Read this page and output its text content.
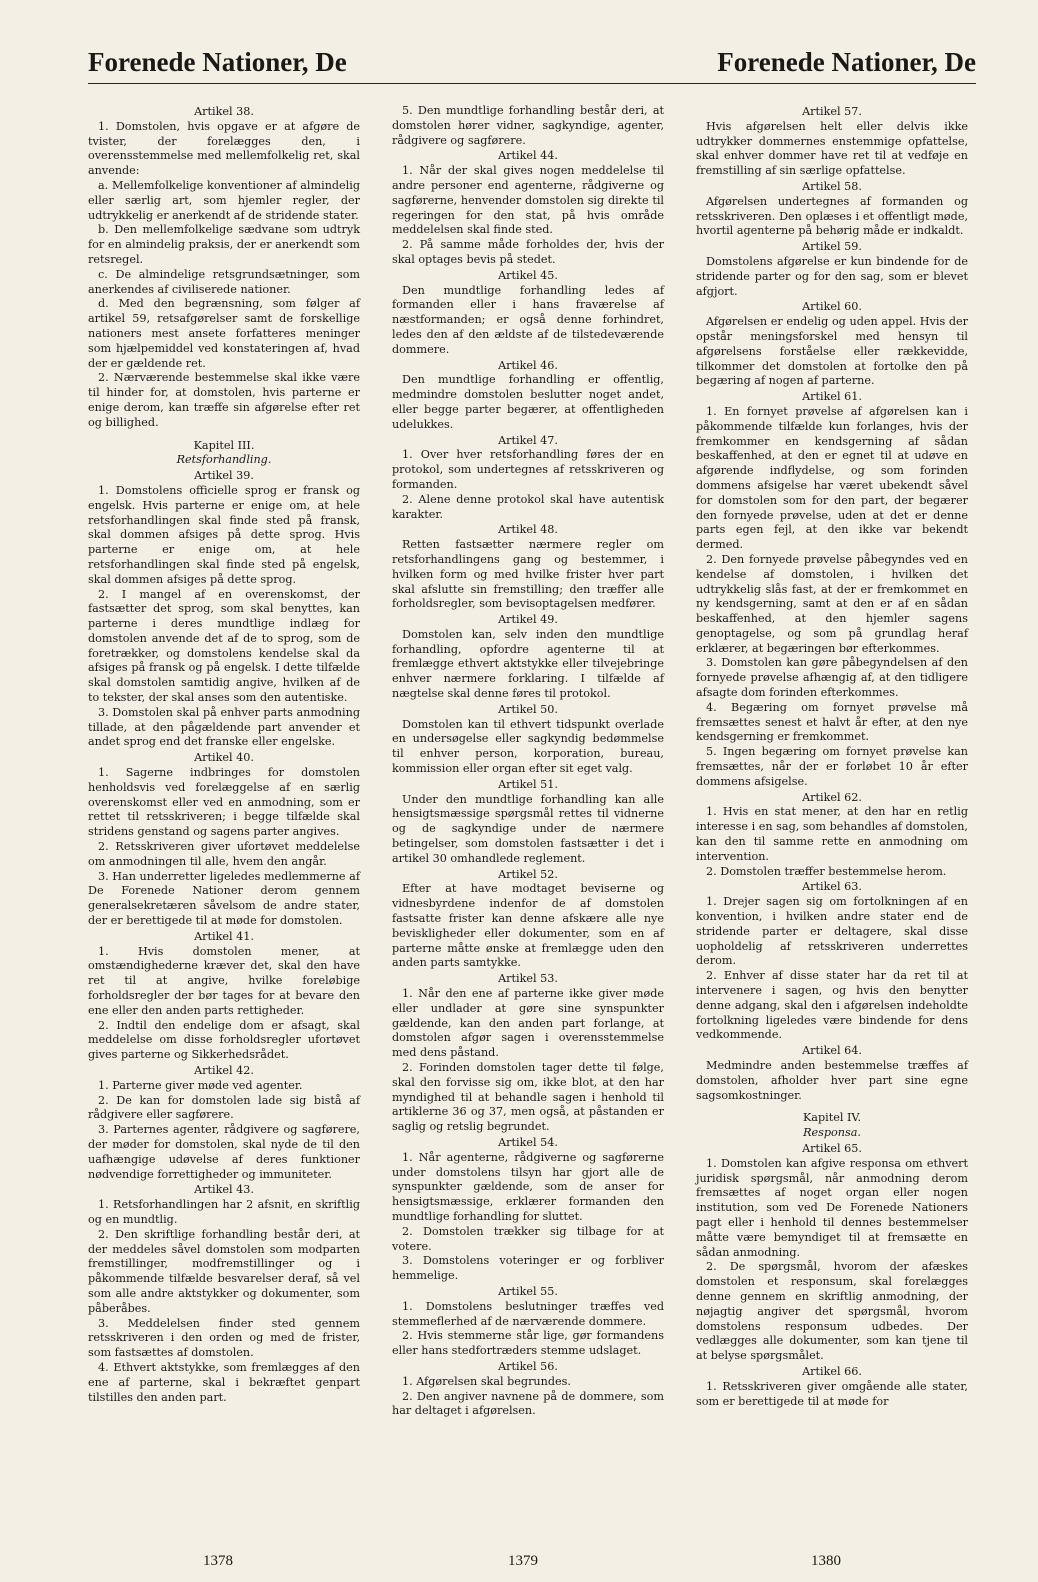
Forenede Nationer, De	Forenede Nationer, De

Artikel 38.

1. Domstolen, hvis opgave er at afgøre de tvister, der forelægges den, i overensstemmelse med mellemfolkelig ret, skal anvende:

a. Mellemfolkelige konventioner af almindelig eller særlig art, som hjemler regler, der udtrykkelig er anerkendt af de stridende stater.

b. Den mellemfolkelige sædvane som udtryk for en almindelig praksis, der er anerkendt som retsregel.

c. De almindelige retsgrundsætninger, som anerkendes af civiliserede nationer.

d. Med den begrænsning, som følger af artikel 59, retsafgørelser samt de forskellige nationers mest ansete forfatteres meninger som hjælpemiddel ved konstateringen af, hvad der er gældende ret.

2. Nærværende bestemmelse skal ikke være til hinder for, at domstolen, hvis parterne er enige derom, kan træffe sin afgørelse efter ret og billighed.

Kapitel III.

Retsforhandling.

Artikel 39.

1. Domstolens officielle sprog er fransk og engelsk. Hvis parterne er enige om, at hele retsforhandlingen skal finde sted på fransk, skal dommen afsiges på dette sprog. Hvis parterne er enige om, at hele retsforhandlingen skal finde sted på engelsk, skal dommen afsiges på dette sprog.

2. I mangel af en overenskomst, der fastsætter det sprog, som skal benyttes, kan parterne i deres mundtlige indlæg for domstolen anvende det af de to sprog, som de foretrækker, og domstolens kendelse skal da afsiges på fransk og på engelsk. I dette tilfælde skal domstolen samtidig angive, hvilken af de to tekster, der skal anses som den autentiske.

3. Domstolen skal på enhver parts anmodning tillade, at den pågældende part anvender et andet sprog end det franske eller engelske.

Artikel 40.

1. Sagerne indbringes for domstolen henholdsvis ved forelæggelse af en særlig overenskomst eller ved en anmodning, som er rettet til retsskriveren; i begge tilfælde skal stridens genstand og sagens parter angives.

2. Retsskriveren giver ufortøvet meddelelse om anmodningen til alle, hvem den angår.

3. Han underretter ligeledes medlemmerne af De Forenede Nationer derom gennem generalsekretæren såvelsom de andre stater, der er berettigede til at møde for domstolen.

Artikel 41.

1. Hvis domstolen mener, at omstændighederne kræver det, skal den have ret til at angive, hvilke foreløbige forholdsregler der bør tages for at bevare den ene eller den anden parts rettigheder.

2. Indtil den endelige dom er afsagt, skal meddelelse om disse forholdsregler ufortøvet gives parterne og Sikkerhedsrådet.

Artikel 42.

1. Parterne giver møde ved agenter.

2. De kan for domstolen lade sig bistå af rådgivere eller sagførere.

3. Parternes agenter, rådgivere og sagførere, der møder for domstolen, skal nyde de til den uafhængige udøvelse af deres funktioner nødvendige forrettigheder og immuniteter.

Artikel 43.

1. Retsforhandlingen har 2 afsnit, en skriftlig og en mundtlig.

2. Den skriftlige forhandling består deri, at der meddeles såvel domstolen som modparten fremstillinger, modfremstillinger og i påkommende tilfælde besvarelser deraf, så vel som alle andre aktstykker og dokumenter, som påberåbes.

3. Meddelelsen finder sted gennem retsskriveren i den orden og med de frister, som fastsættes af domstolen.

4. Ethvert aktstykke, som fremlægges af den ene af parterne, skal i bekræftet genpart tilstilles den anden part.

5. Den mundtlige forhandling består deri, at domstolen hører vidner, sagkyndige, agenter, rådgivere og sagførere.

Artikel 44.

1. Når der skal gives nogen meddelelse til andre personer end agenterne, rådgiverne og sagførerne, henvender domstolen sig direkte til regeringen for den stat, på hvis område meddelelsen skal finde sted.

2. På samme måde forholdes der, hvis der skal optages bevis på stedet.

Artikel 45.

Den mundtlige forhandling ledes af formanden eller i hans fraværelse af næstformanden; er også denne forhindret, ledes den af den ældste af de tilstedeværende dommere.

Artikel 46.

Den mundtlige forhandling er offentlig, medmindre domstolen beslutter noget andet, eller begge parter begærer, at offentligheden udelukkes.

Artikel 47.

1. Over hver retsforhandling føres der en protokol, som undertegnes af retsskriveren og formanden.

2. Alene denne protokol skal have autentisk karakter.

Artikel 48.

Retten fastsætter nærmere regler om retsforhandlingens gang og bestemmer, i hvilken form og med hvilke frister hver part skal afslutte sin fremstilling; den træffer alle forholdsregler, som bevisoptagelsen medfører.

Artikel 49.

Domstolen kan, selv inden den mundtlige forhandling, opfordre agenterne til at fremlægge ethvert aktstykke eller tilvejebringe enhver nærmere forklaring. I tilfælde af nægtelse skal denne føres til protokol.

Artikel 50.

Domstolen kan til ethvert tidspunkt overlade en undersøgelse eller sagkyndig bedømmelse til enhver person, korporation, bureau, kommission eller organ efter sit eget valg.

Artikel 51.

Under den mundtlige forhandling kan alle hensigtsmæssige spørgsmål rettes til vidnerne og de sagkyndige under de nærmere betingelser, som domstolen fastsætter i det i artikel 30 omhandlede reglement.

Artikel 52.

Efter at have modtaget beviserne og vidnesbyrdene indenfor de af domstolen fastsatte frister kan denne afskære alle nye beviskligheder eller dokumenter, som en af parterne måtte ønske at fremlægge uden den anden parts samtykke.

Artikel 53.

1. Når den ene af parterne ikke giver møde eller undlader at gøre sine synspunkter gældende, kan den anden part forlange, at domstolen afgør sagen i overensstemmelse med dens påstand.

2. Forinden domstolen tager dette til følge, skal den forvisse sig om, ikke blot, at den har myndighed til at behandle sagen i henhold til artiklerne 36 og 37, men også, at påstanden er saglig og retslig begrundet.

Artikel 54.

1. Når agenterne, rådgiverne og sagførerne under domstolens tilsyn har gjort alle de synspunkter gældende, som de anser for hensigtsmæssige, erklærer formanden den mundtlige forhandling for sluttet.

2. Domstolen trækker sig tilbage for at votere.

3. Domstolens voteringer er og forbliver hemmelige.

Artikel 55.

1. Domstolens beslutninger træffes ved stemmeflerhed af de nærværende dommere.

2. Hvis stemmerne står lige, gør formandens eller hans stedfortræders stemme udslaget.

Artikel 56.

1. Afgørelsen skal begrundes.

2. Den angiver navnene på de dommere, som har deltaget i afgørelsen.

Artikel 57.

Hvis afgørelsen helt eller delvis ikke udtrykker dommernes enstemmige opfattelse, skal enhver dommer have ret til at vedføje en fremstilling af sin særlige opfattelse.

Artikel 58.

Afgørelsen undertegnes af formanden og retsskriveren. Den oplæses i et offentligt møde, hvortil agenterne på behørig måde er indkaldt.

Artikel 59.

Domstolens afgørelse er kun bindende for de stridende parter og for den sag, som er blevet afgjort.

Artikel 60.

Afgørelsen er endelig og uden appel. Hvis der opstår meningsforskel med hensyn til afgørelsens forståelse eller rækkevidde, tilkommer det domstolen at fortolke den på begæring af nogen af parterne.

Artikel 61.

1. En fornyet prøvelse af afgørelsen kan i påkommende tilfælde kun forlanges, hvis der fremkommer en kendsgerning af sådan beskaffenhed, at den er egnet til at udøve en afgørende indflydelse, og som forinden dommens afsigelse har været ubekendt såvel for domstolen som for den part, der begærer den fornyede prøvelse, uden at det er denne parts egen fejl, at den ikke var bekendt dermed.

2. Den fornyede prøvelse påbegyndes ved en kendelse af domstolen, i hvilken det udtrykkelig slås fast, at der er fremkommet en ny kendsgerning, samt at den er af en sådan beskaffenhed, at den hjemler sagens genoptagelse, og som på grundlag heraf erklærer, at begæringen bør efterkommes.

3. Domstolen kan gøre påbegyndelsen af den fornyede prøvelse afhængig af, at den tidligere afsagte dom forinden efterkommes.

4. Begæring om fornyet prøvelse må fremsættes senest et halvt år efter, at den nye kendsgerning er fremkommet.

5. Ingen begæring om fornyet prøvelse kan fremsættes, når der er forløbet 10 år efter dommens afsigelse.

Artikel 62.

1. Hvis en stat mener, at den har en retlig interesse i en sag, som behandles af domstolen, kan den til samme rette en anmodning om intervention.

2. Domstolen træffer bestemmelse herom.

Artikel 63.

1. Drejer sagen sig om fortolkningen af en konvention, i hvilken andre stater end de stridende parter er deltagere, skal disse uopholdelig af retsskriveren underrettes derom.

2. Enhver af disse stater har da ret til at intervenere i sagen, og hvis den benytter denne adgang, skal den i afgørelsen indeholdte fortolkning ligeledes være bindende for dens vedkommende.

Artikel 64.

Medmindre anden bestemmelse træffes af domstolen, afholder hver part sine egne sagsomkostninger.

Kapitel IV.

Responsa.

Artikel 65.

1. Domstolen kan afgive responsa om ethvert juridisk spørgsmål, når anmodning derom fremsættes af noget organ eller nogen institution, som ved De Forenede Nationers pagt eller i henhold til dennes bestemmelser måtte være bemyndiget til at fremsætte en sådan anmodning.

2. De spørgsmål, hvorom der afæskes domstolen et responsum, skal forelægges denne gennem en skriftlig anmodning, der nøjagtig angiver det spørgsmål, hvorom domstolens responsum udbedes. Der vedlægges alle dokumenter, som kan tjene til at belyse spørgsmålet.

Artikel 66.

1. Retsskriveren giver omgående alle stater, som er berettigede til at møde for

1378	1379	1380
